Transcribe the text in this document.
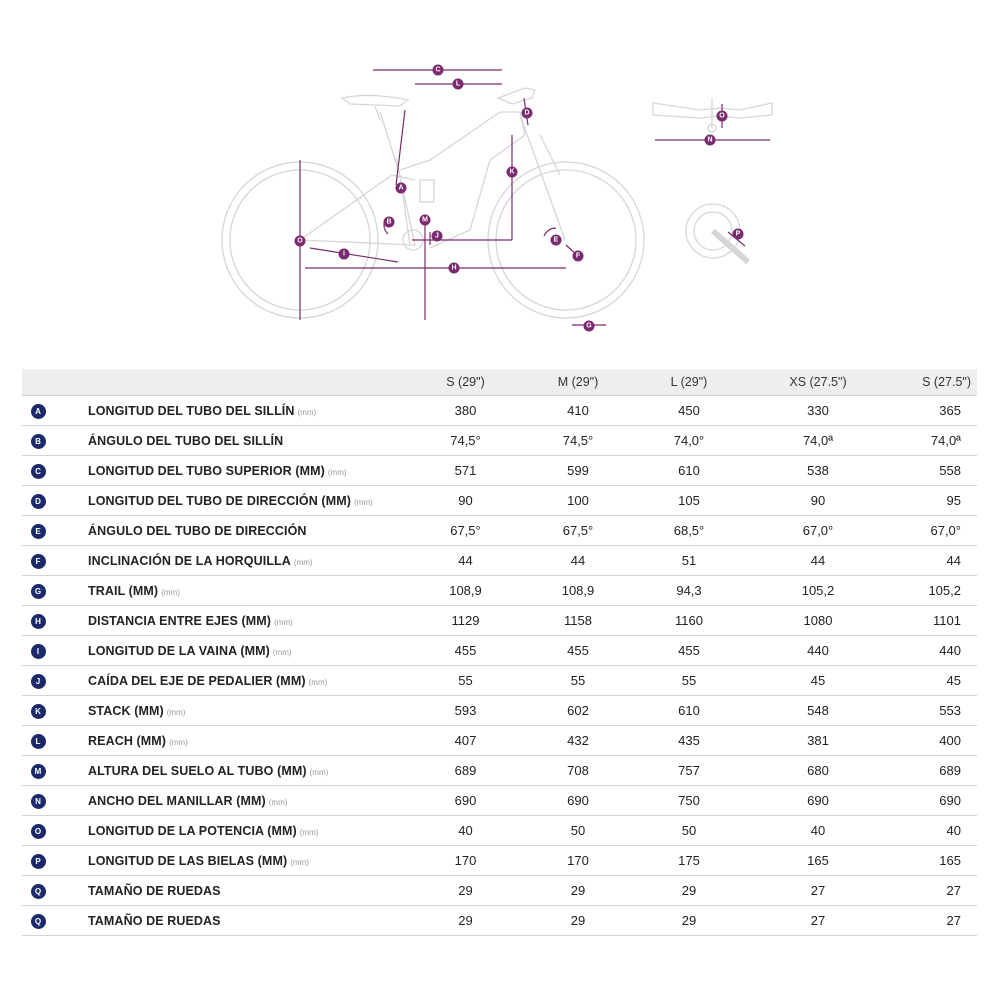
C
L
D
K
A
B	M
J
O
I
H
E
F
G
O
N
P
			S (29")	M (29")	L (29")	XS (27.5")	S (27.5")

A		LONGITUD DEL TUBO DEL SILLÍN (mm)	380	410	450	330	365
B		ÁNGULO DEL TUBO DEL SILLÍN	74,5°	74,5°	74,0°	74,0ª	74,0ª
C		LONGITUD DEL TUBO SUPERIOR (MM) (mm)	571	599	610	538	558
D		LONGITUD DEL TUBO DE DIRECCIÓN (MM) (mm)	90	100	105	90	95
E		ÁNGULO DEL TUBO DE DIRECCIÓN	67,5°	67,5°	68,5°	67,0°	67,0°
F		INCLINACIÓN DE LA HORQUILLA (mm)	44	44	51	44	44
G		TRAIL (MM) (mm)	108,9	108,9	94,3	105,2	105,2
H		DISTANCIA ENTRE EJES (MM) (mm)	1129	1158	1160	1080	1101
I		LONGITUD DE LA VAINA (MM) (mm)	455	455	455	440	440
J		CAÍDA DEL EJE DE PEDALIER (MM) (mm)	55	55	55	45	45
K		STACK (MM) (mm)	593	602	610	548	553
L		REACH (MM) (mm)	407	432	435	381	400
M		ALTURA DEL SUELO AL TUBO (MM) (mm)	689	708	757	680	689
N		ANCHO DEL MANILLAR (MM) (mm)	690	690	750	690	690
O		LONGITUD DE LA POTENCIA (MM) (mm)	40	50	50	40	40
P		LONGITUD DE LAS BIELAS (MM) (mm)	170	170	175	165	165
Q		TAMAÑO DE RUEDAS	29	29	29	27	27
Q		TAMAÑO DE RUEDAS	29	29	29	27	27
